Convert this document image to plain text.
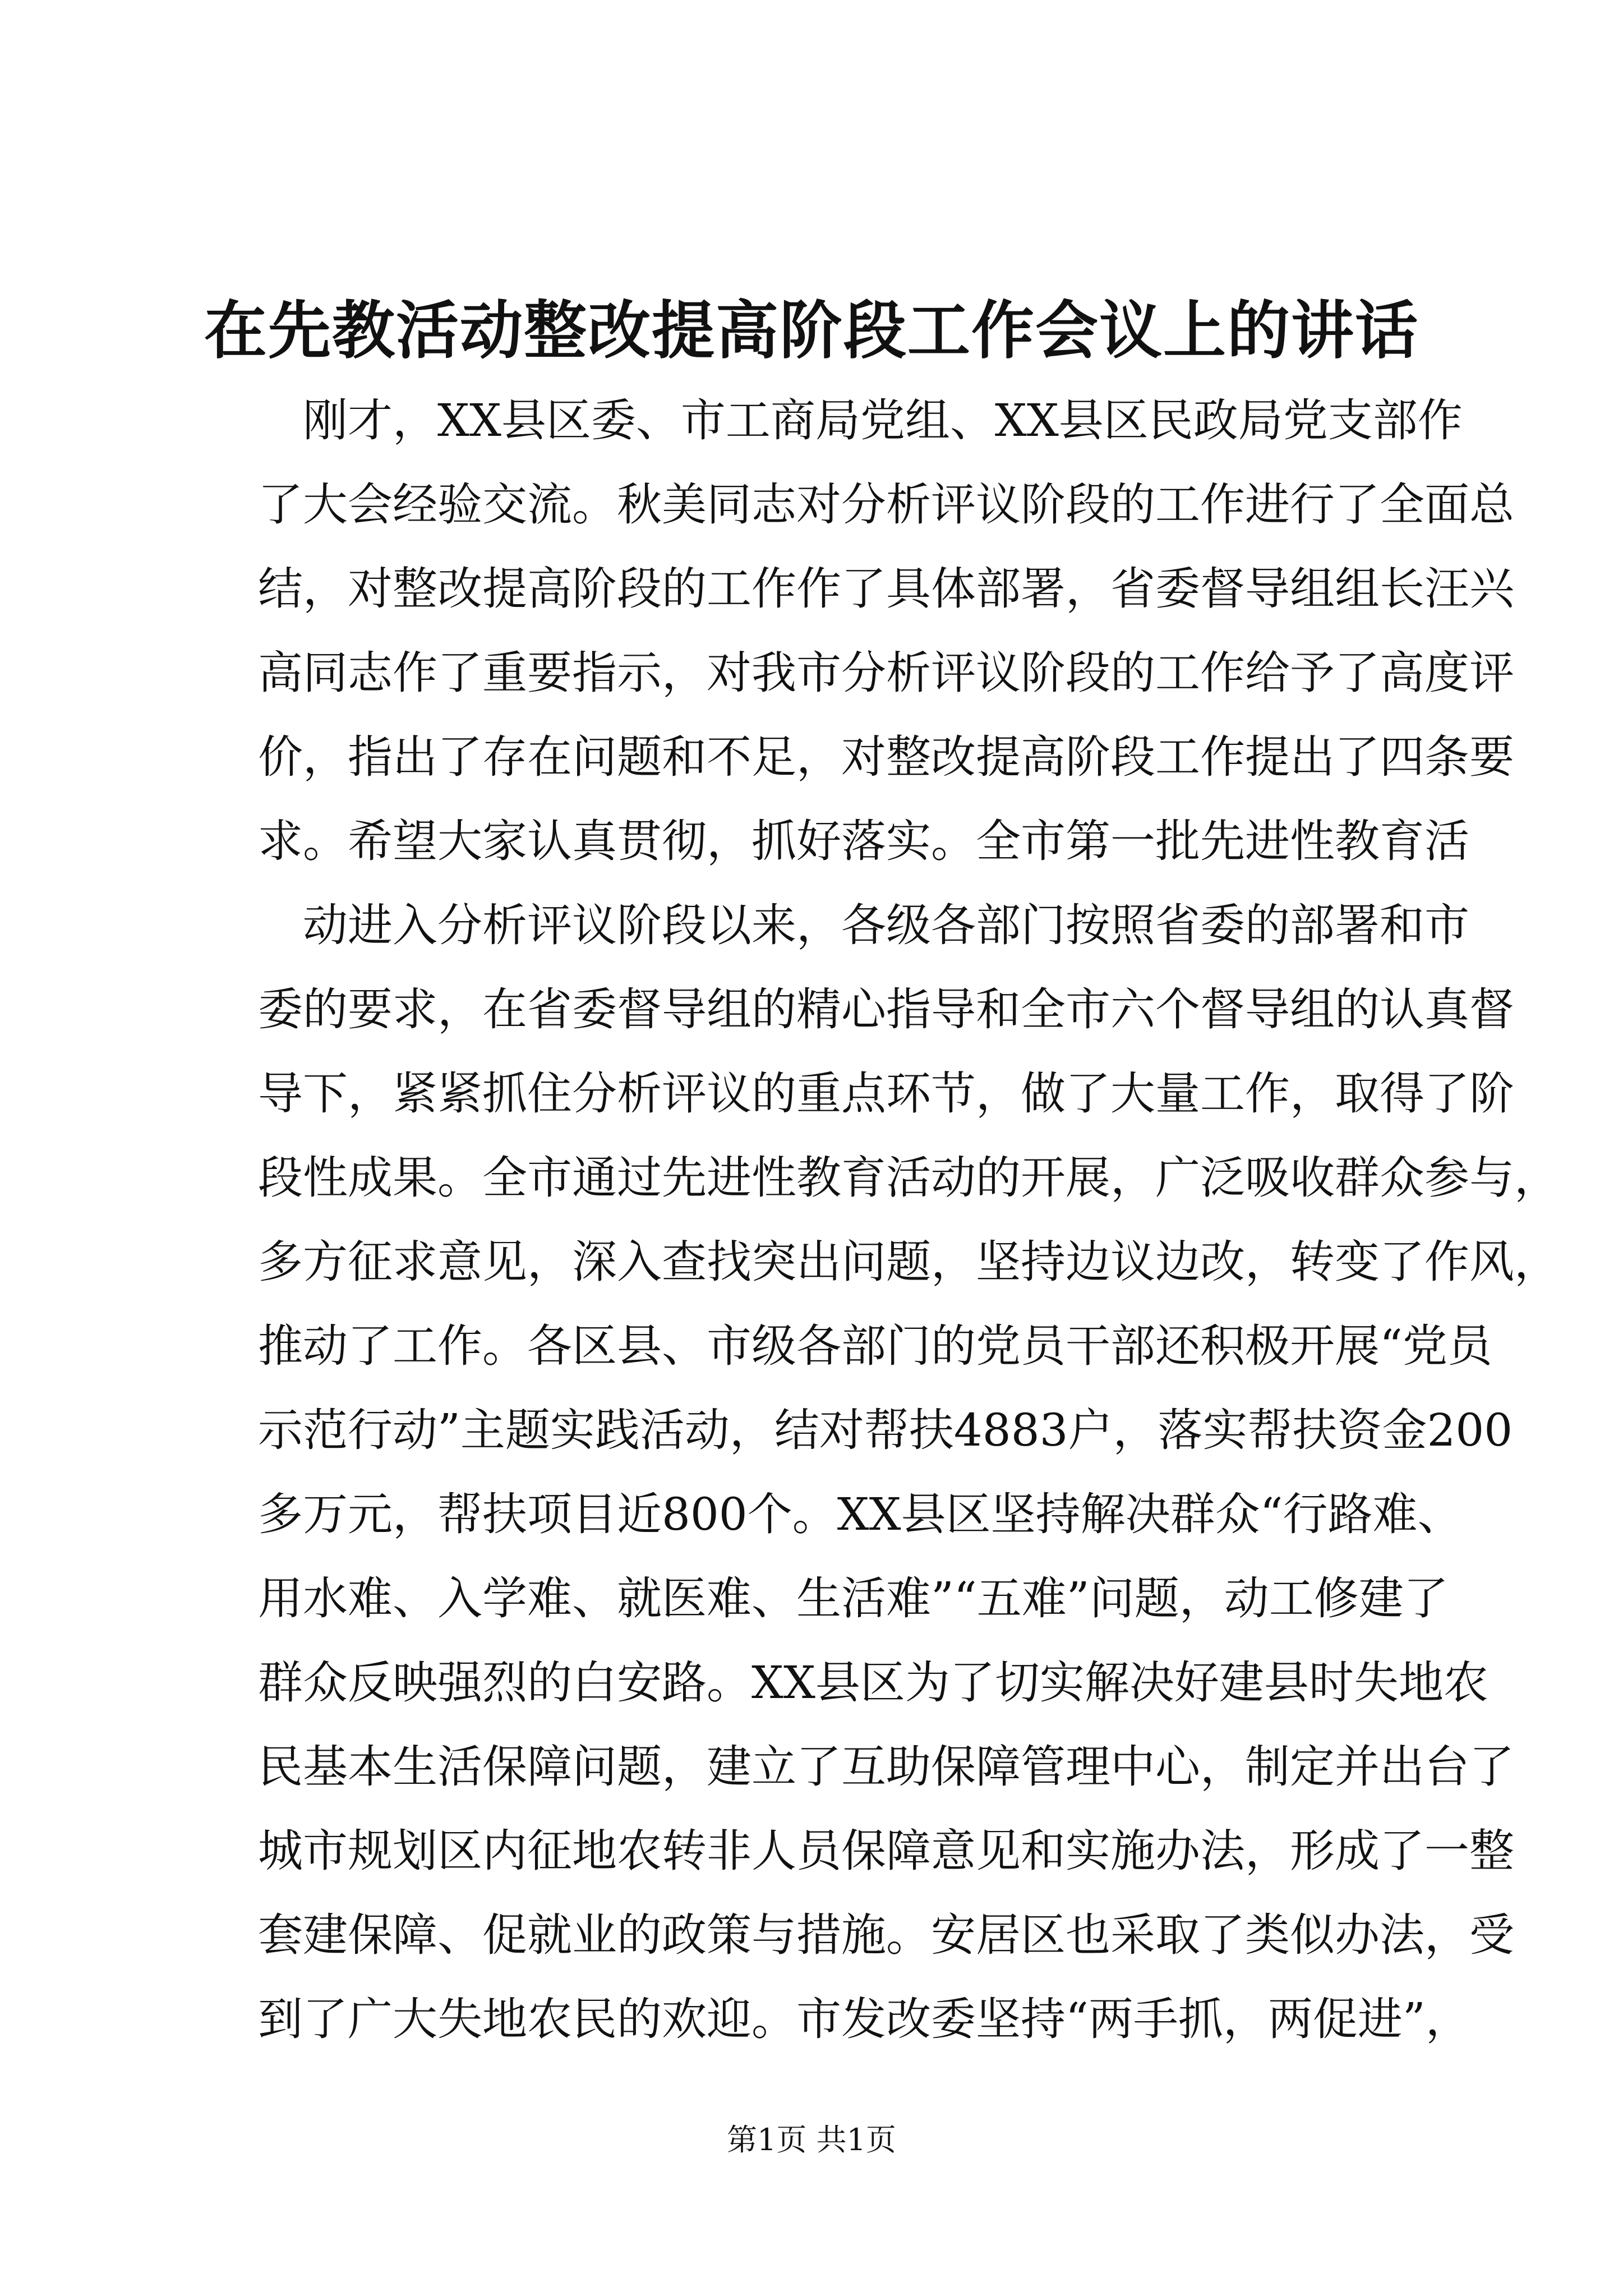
在先教活动整改提高阶段工作会议上的讲话
刚才，XX县区委、市工商局党组、XX县区民政局党支部作
了大会经验交流。秋美同志对分析评议阶段的工作进行了全面总
结，对整改提高阶段的工作作了具体部署，省委督导组组长汪兴
高同志作了重要指示，对我市分析评议阶段的工作给予了高度评
价，指出了存在问题和不足，对整改提高阶段工作提出了四条要
求。希望大家认真贯彻，抓好落实。全市第一批先进性教育活
动进入分析评议阶段以来，各级各部门按照省委的部署和市
委的要求，在省委督导组的精心指导和全市六个督导组的认真督
导下，紧紧抓住分析评议的重点环节，做了大量工作，取得了阶
段性成果。全市通过先进性教育活动的开展，广泛吸收群众参与，
多方征求意见，深入查找突出问题，坚持边议边改，转变了作风，
推动了工作。各区县、市级各部门的党员干部还积极开展“党员
示范行动”主题实践活动，结对帮扶4883户，落实帮扶资金200
多万元，帮扶项目近800个。XX县区坚持解决群众“行路难、
用水难、入学难、就医难、生活难”“五难”问题，动工修建了
群众反映强烈的白安路。XX县区为了切实解决好建县时失地农
民基本生活保障问题，建立了互助保障管理中心，制定并出台了
城市规划区内征地农转非人员保障意见和实施办法，形成了一整
套建保障、促就业的政策与措施。安居区也采取了类似办法，受
到了广大失地农民的欢迎。市发改委坚持“两手抓，两促进”，
第1页 共1页
